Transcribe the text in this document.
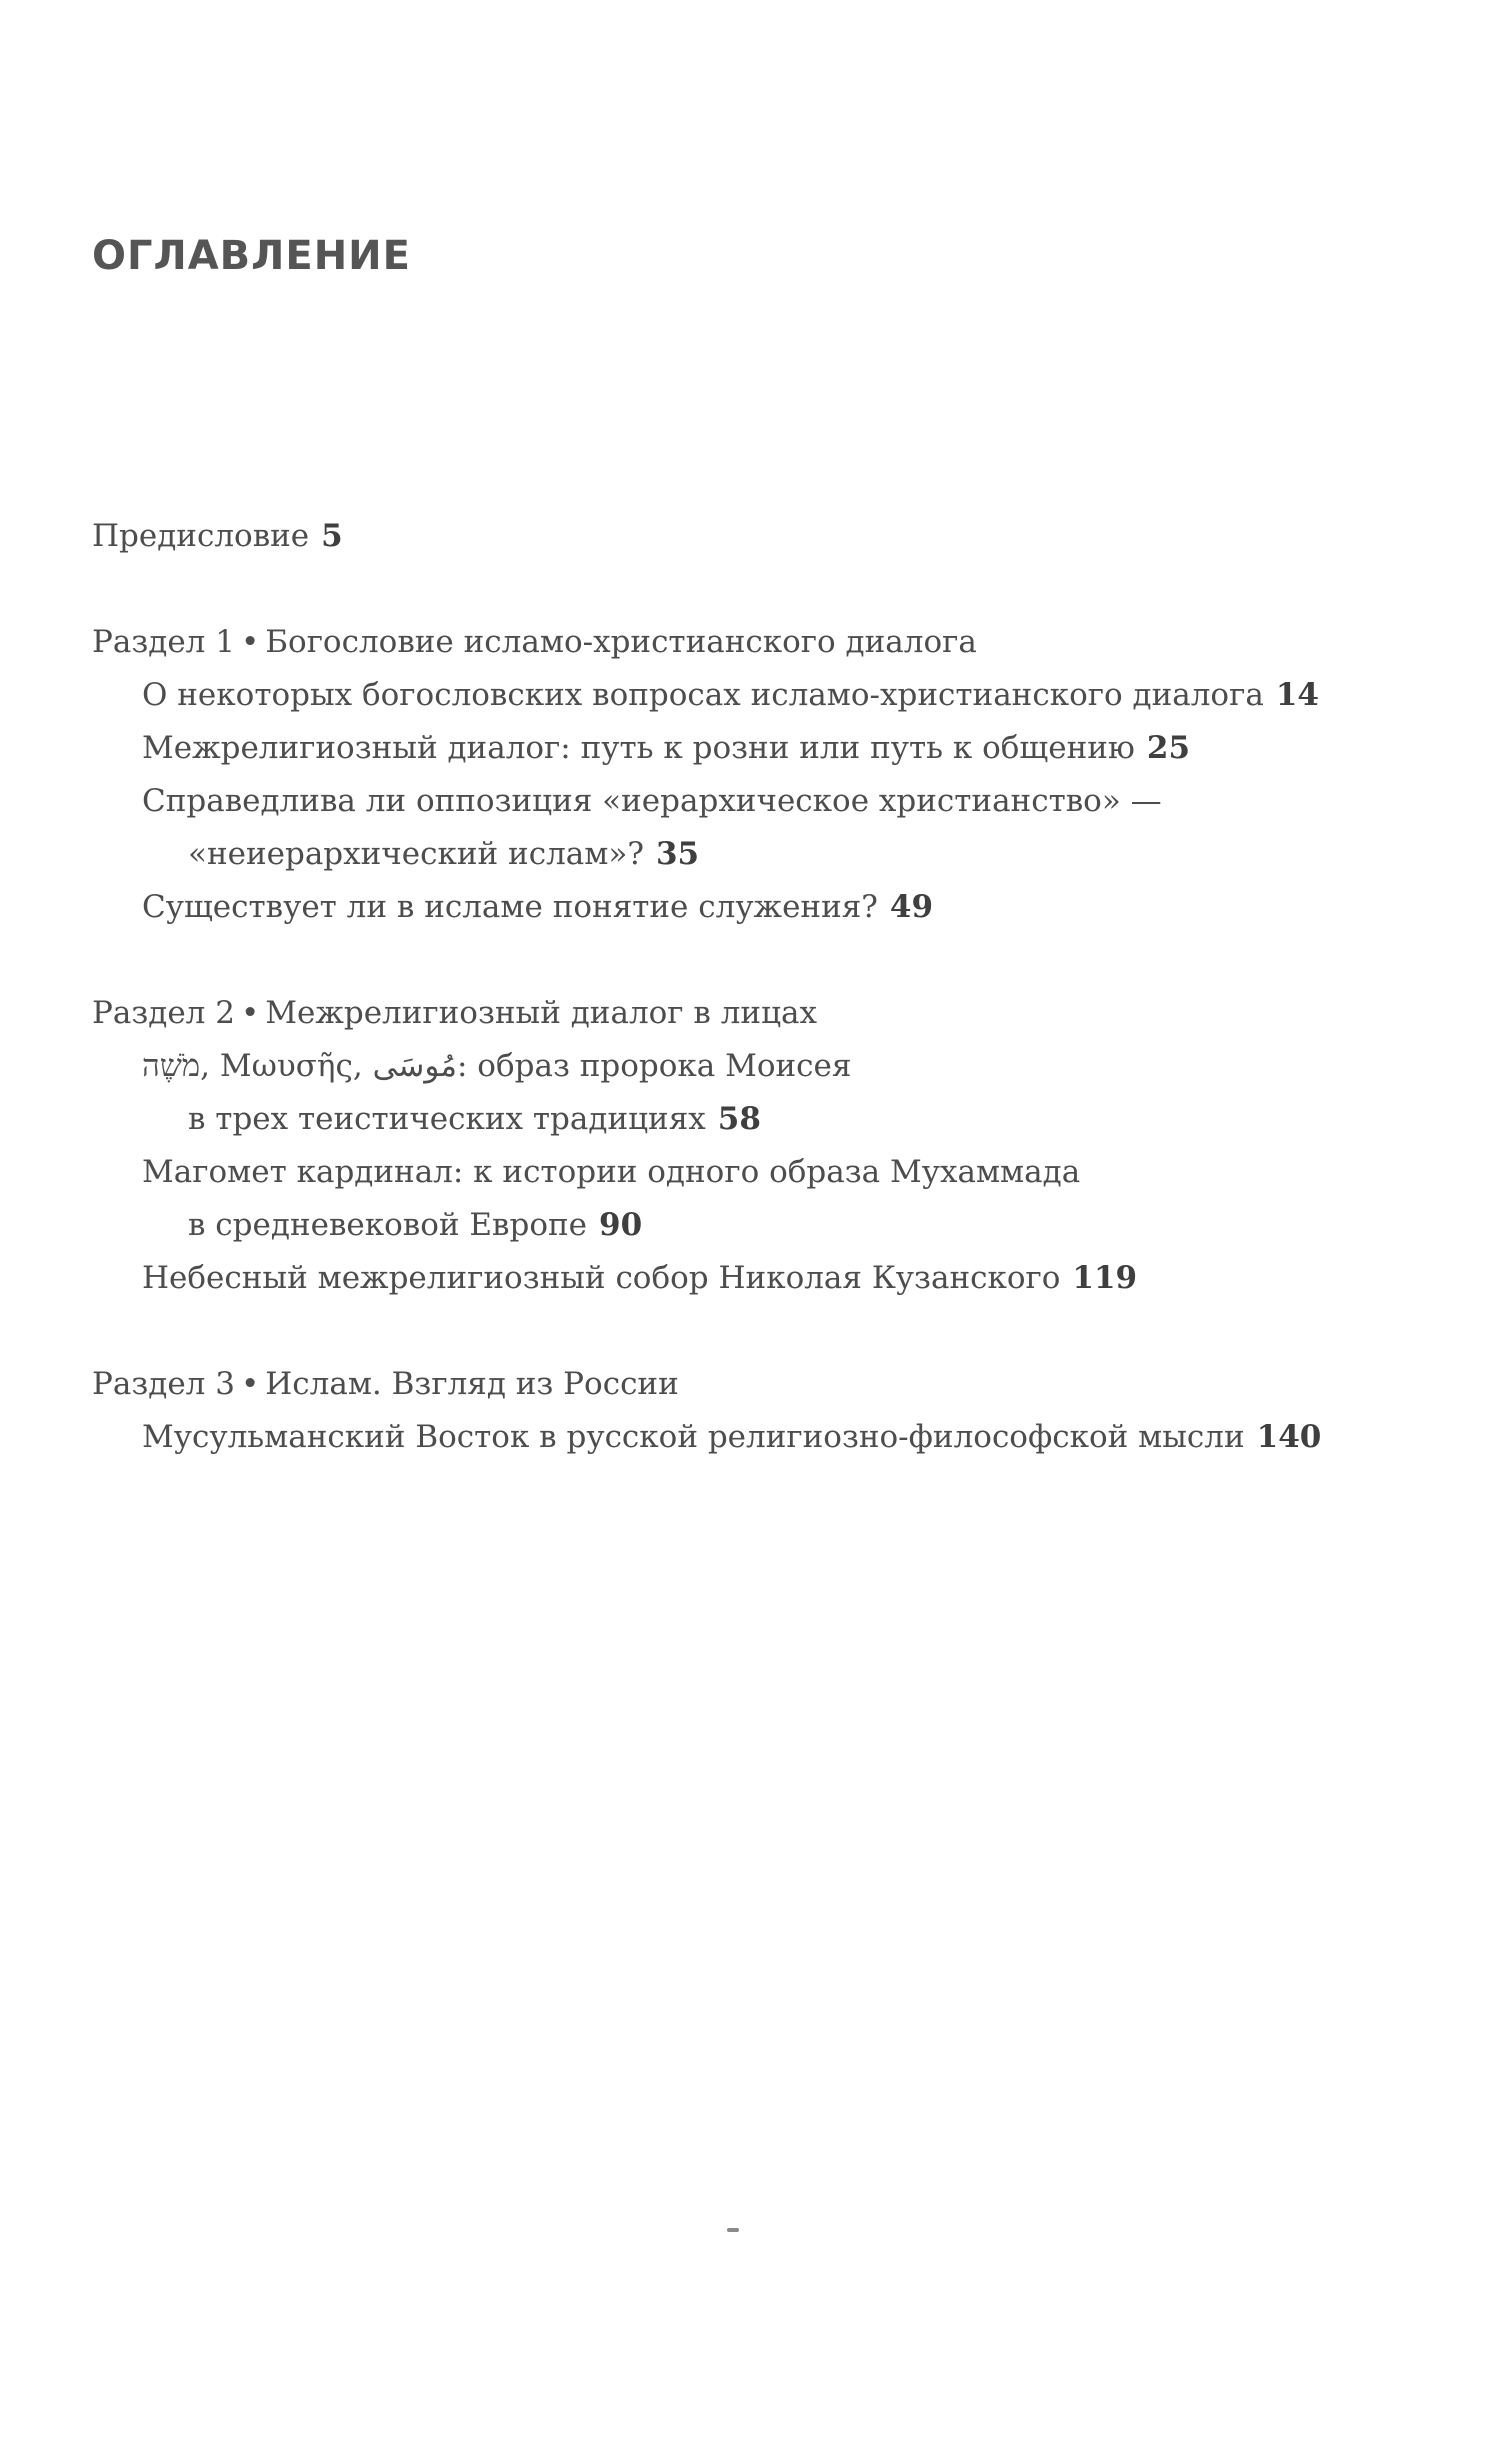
ОГЛАВЛЕНИЕ
Предисловие 5
Раздел 1 • Богословие исламо-христианского диалога
О некоторых богословских вопросах исламо-христианского диалога 14
Межрелигиозный диалог: путь к розни или путь к общению 25
Справедлива ли оппозиция «иерархическое христианство» —
«неиерархический ислам»? 35
Существует ли в исламе понятие служения? 49
Раздел 2 • Межрелигиозный диалог в лицах
מֹשֶׁה, Μωυσῆς, مُوسَى: образ пророка Моисея
в трех теистических традициях 58
Магомет кардинал: к истории одного образа Мухаммада
в средневековой Европе 90
Небесный межрелигиозный собор Николая Кузанского 119
Раздел 3 • Ислам. Взгляд из России
Мусульманский Восток в русской религиозно-философской мысли 140
